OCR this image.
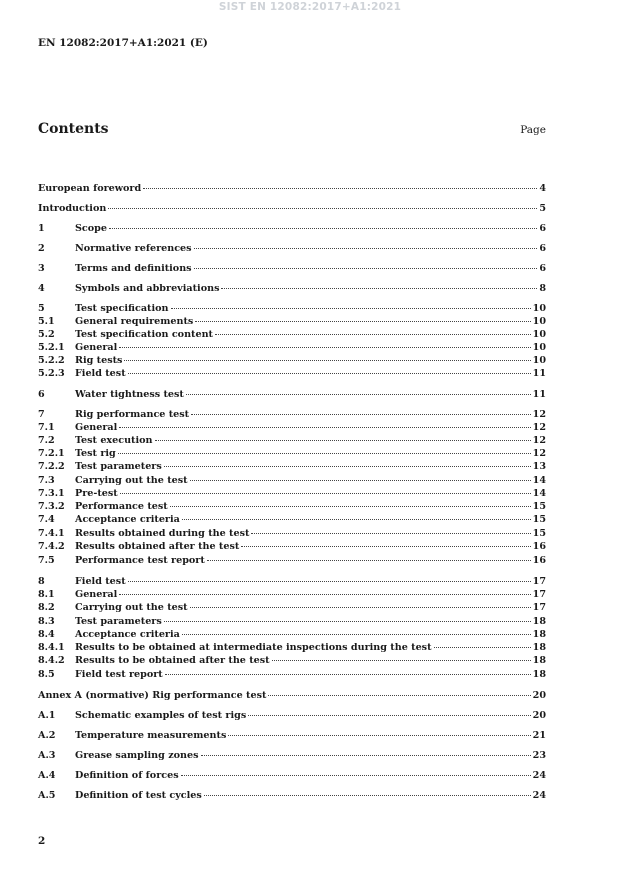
SIST EN 12082:2017+A1:2021
EN 12082:2017+A1:2021 (E)
Contents	Page
European foreword	4
Introduction	5
1	Scope	6
2	Normative references	6
3	Terms and definitions	6
4	Symbols and abbreviations	8
5	Test specification	10
5.1	General requirements	10
5.2	Test specification content	10
5.2.1	General	10
5.2.2	Rig tests	10
5.2.3	Field test	11
6	Water tightness test	11
7	Rig performance test	12
7.1	General	12
7.2	Test execution	12
7.2.1	Test rig	12
7.2.2	Test parameters	13
7.3	Carrying out the test	14
7.3.1	Pre-test	14
7.3.2	Performance test	15
7.4	Acceptance criteria	15
7.4.1	Results obtained during the test	15
7.4.2	Results obtained after the test	16
7.5	Performance test report	16
8	Field test	17
8.1	General	17
8.2	Carrying out the test	17
8.3	Test parameters	18
8.4	Acceptance criteria	18
8.4.1	Results to be obtained at intermediate inspections during the test	18
8.4.2	Results to be obtained after the test	18
8.5	Field test report	18
Annex A (normative) Rig performance test	20
A.1	Schematic examples of test rigs	20
A.2	Temperature measurements	21
A.3	Grease sampling zones	23
A.4	Definition of forces	24
A.5	Definition of test cycles	24
2
